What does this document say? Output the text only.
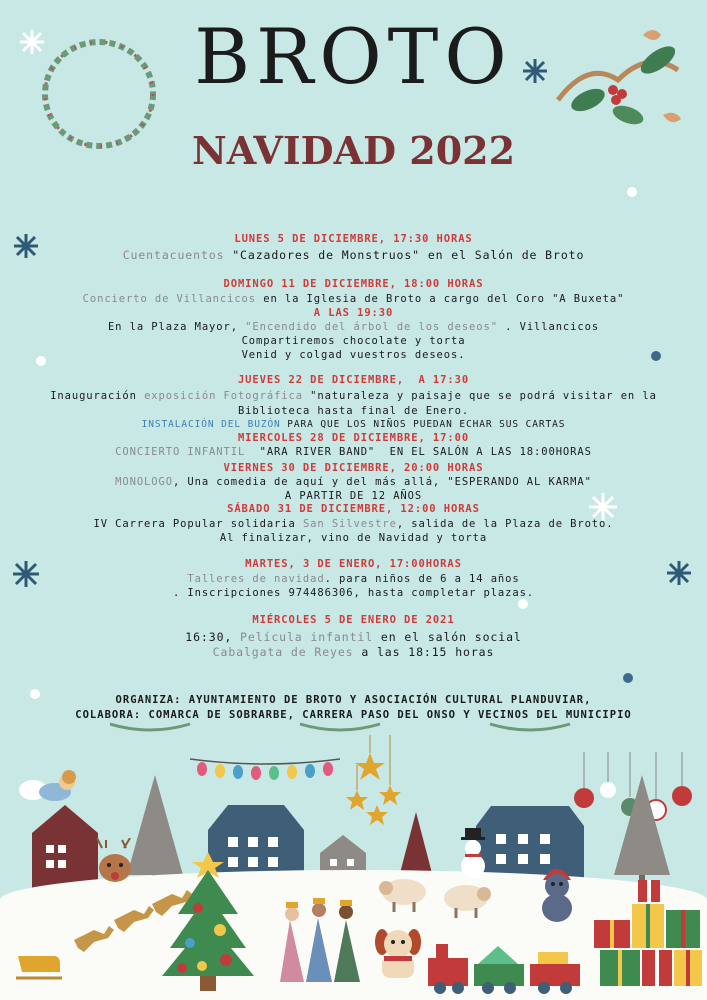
BROTO
NAVIDAD 2022
LUNES 5 DE DICIEMBRE, 17:30 HORAS
Cuentacuentos "Cazadores de Monstruos" en el Salón de Broto
DOMINGO 11 DE DICIEMBRE, 18:00 HORAS
Concierto de Villancicos en la Iglesia de Broto a cargo del Coro "A Buxeta"
A LAS 19:30
En la Plaza Mayor, "Encendido del árbol de los deseos" . Villancicos
Compartiremos chocolate y torta
Venid y colgad vuestros deseos.
JUEVES 22 DE DICIEMBRE,  A 17:30
Inauguración exposición Fotográfica "naturaleza y paisaje que se podrá visitar en la
Biblioteca hasta final de Enero.
INSTALACIÓN DEL BUZÓN PARA QUE LOS NIÑOS PUEDAN ECHAR SUS CARTAS
MIERCOLES 28 DE DICIEMBRE, 17:00
CONCIERTO INFANTIL  "ARA RIVER BAND"  EN EL SALÓN A LAS 18:00HORAS
VIERNES 30 DE DICIEMBRE, 20:00 HORAS
MONOLOGO, Una comedia de aquí y del más allá, "ESPERANDO AL KARMA"
A PARTIR DE 12 AÑOS
SÁBADO 31 DE DICIEMBRE, 12:00 HORAS
IV Carrera Popular solidaria San Silvestre, salida de la Plaza de Broto.
Al finalizar, vino de Navidad y torta
MARTES, 3 DE ENERO, 17:00HORAS
Talleres de navidad. para niños de 6 a 14 años
. Inscripciones 974486306, hasta completar plazas.
MIÉRCOLES 5 DE ENERO DE 2021
16:30, Película infantil en el salón social
Cabalgata de Reyes a las 18:15 horas
ORGANIZA: AYUNTAMIENTO DE BROTO Y ASOCIACIÓN CULTURAL PLANDUVIAR,
COLABORA: COMARCA DE SOBRARBE, CARRERA PASO DEL ONSO Y VECINOS DEL MUNICIPIO
